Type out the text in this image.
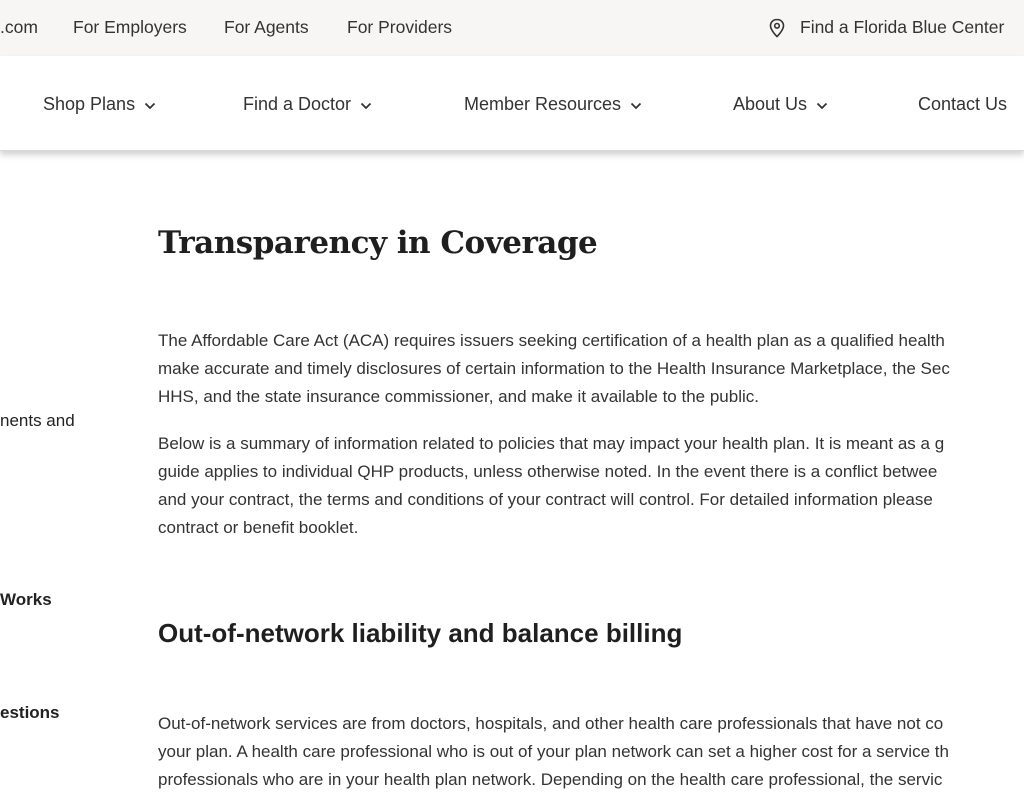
.com For Employers For Agents For Providers	Find a Florida Blue Center
Shop Plans	Find a Doctor	Member Resources	About Us	Contact Us
nents and
Works
estions
Transparency in Coverage
The Affordable Care Act (ACA) requires issuers seeking certification of a health plan as a qualified health
make accurate and timely disclosures of certain information to the Health Insurance Marketplace, the Sec
HHS, and the state insurance commissioner, and make it available to the public.
Below is a summary of information related to policies that may impact your health plan. It is meant as a g
guide applies to individual QHP products, unless otherwise noted. In the event there is a conflict betwee
and your contract, the terms and conditions of your contract will control. For detailed information please
contract or benefit booklet.
Out-of-network liability and balance billing
Out-of-network services are from doctors, hospitals, and other health care professionals that have not co
your plan. A health care professional who is out of your plan network can set a higher cost for a service th
professionals who are in your health plan network. Depending on the health care professional, the servic
